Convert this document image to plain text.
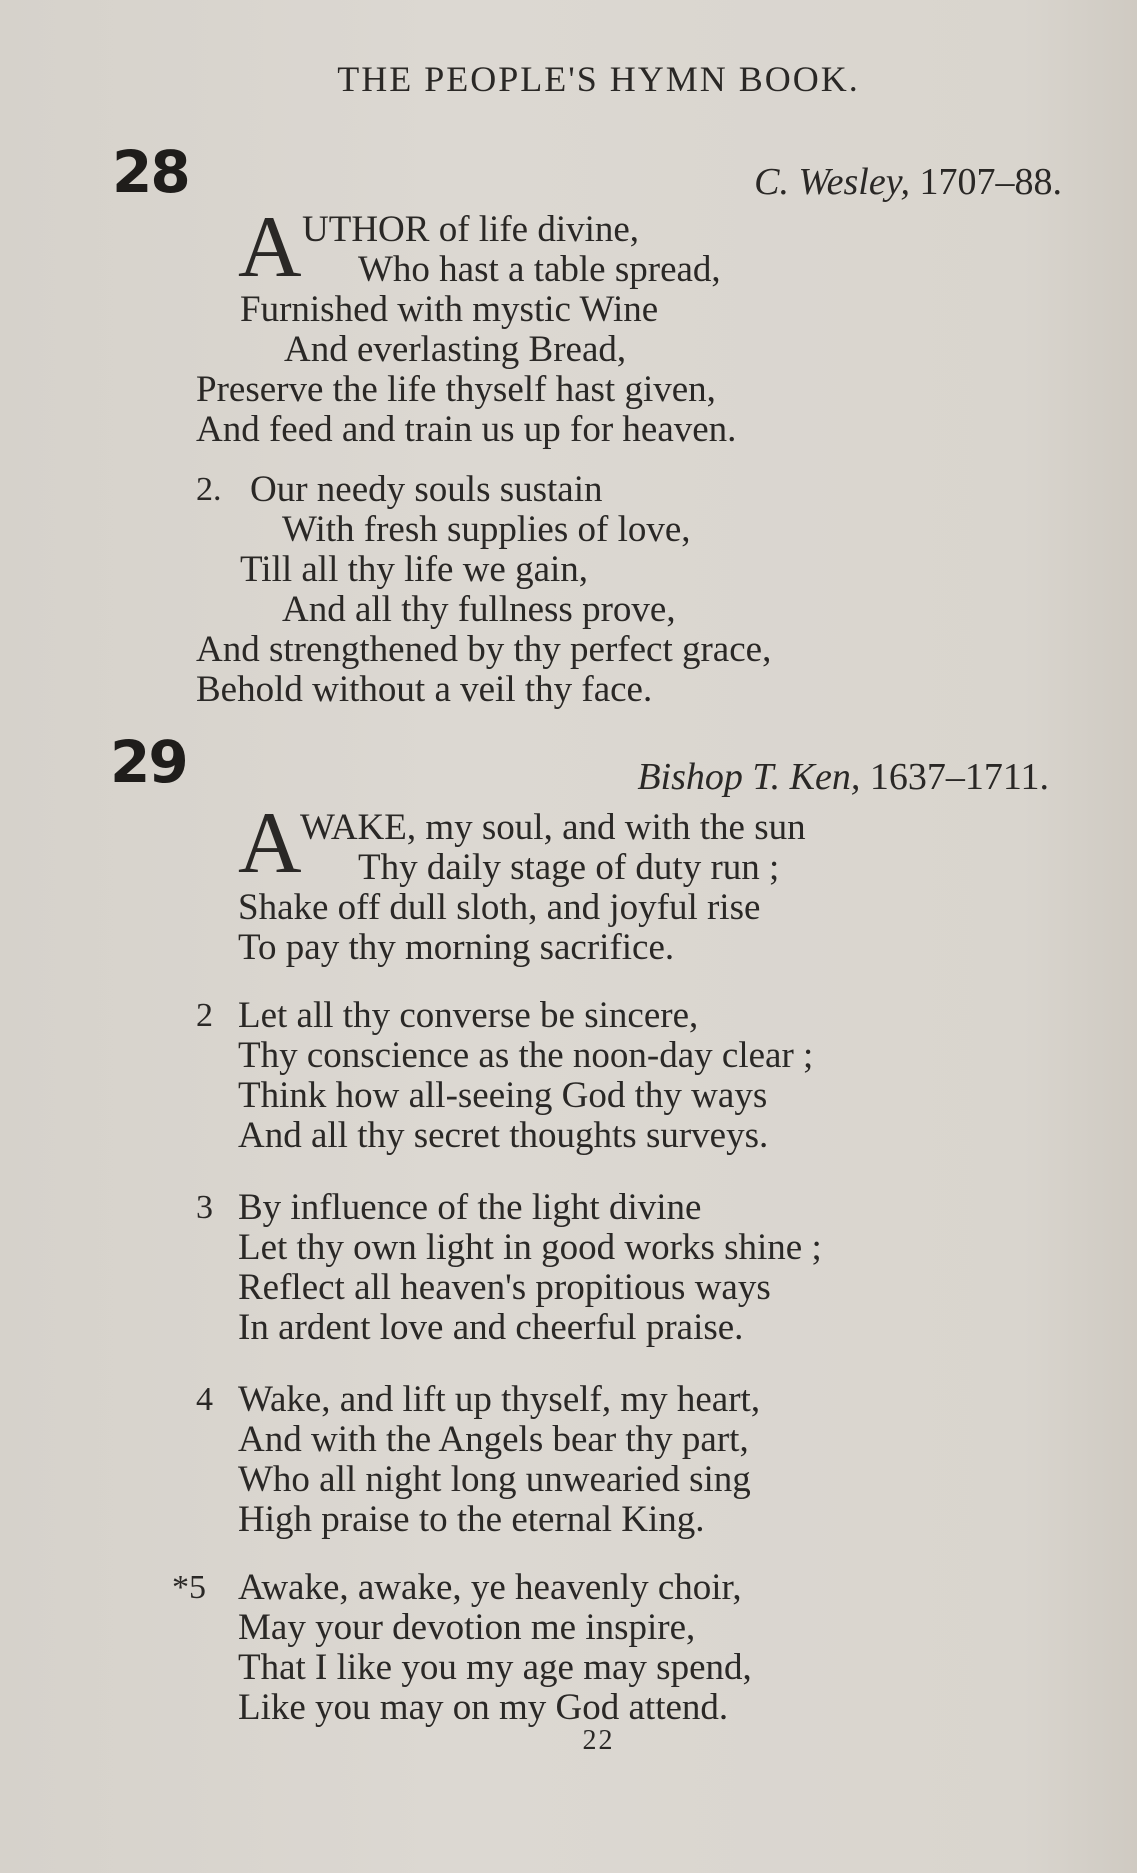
THE PEOPLE'S HYMN BOOK.
28	C. Wesley, 1707–88.
A UTHOR of life divine,
Who hast a table spread,
Furnished with mystic Wine
And everlasting Bread,
Preserve the life thyself hast given,
And feed and train us up for heaven.
2. Our needy souls sustain
With fresh supplies of love,
Till all thy life we gain,
And all thy fullness prove,
And strengthened by thy perfect grace,
Behold without a veil thy face.
29	Bishop T. Ken, 1637–1711.
A
WAKE, my soul, and with the sun
Thy daily stage of duty run ;
Shake off dull sloth, and joyful rise
To pay thy morning sacrifice.
2 Let all thy converse be sincere,
Thy conscience as the noon-day clear ;
Think how all-seeing God thy ways
And all thy secret thoughts surveys.
3 By influence of the light divine
Let thy own light in good works shine ;
Reflect all heaven's propitious ways
In ardent love and cheerful praise.
4 Wake, and lift up thyself, my heart,
And with the Angels bear thy part,
Who all night long unwearied sing
High praise to the eternal King.
*5 Awake, awake, ye heavenly choir,
May your devotion me inspire,
That I like you my age may spend,
Like you may on my God attend.
22
